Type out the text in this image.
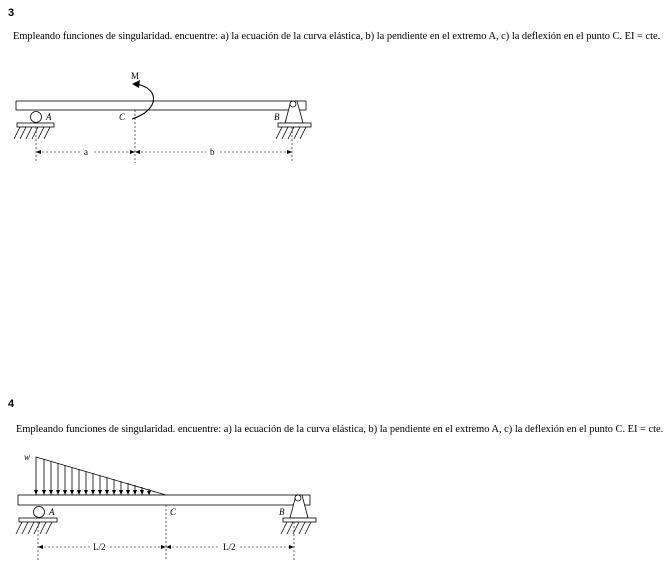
3

Empleando funciones de singularidad. encuentre: a) la ecuación de la curva elástica, b) la pendiente en el extremo A, c) la deflexión en el punto C. EI = cte.

A	B
M
C
a	b
4

Empleando funciones de singularidad. encuentre: a) la ecuación de la curva elástica, b) la pendiente en el extremo A, c) la deflexión en el punto C. EI = cte.

w
A	C	B
L/2	L/2
